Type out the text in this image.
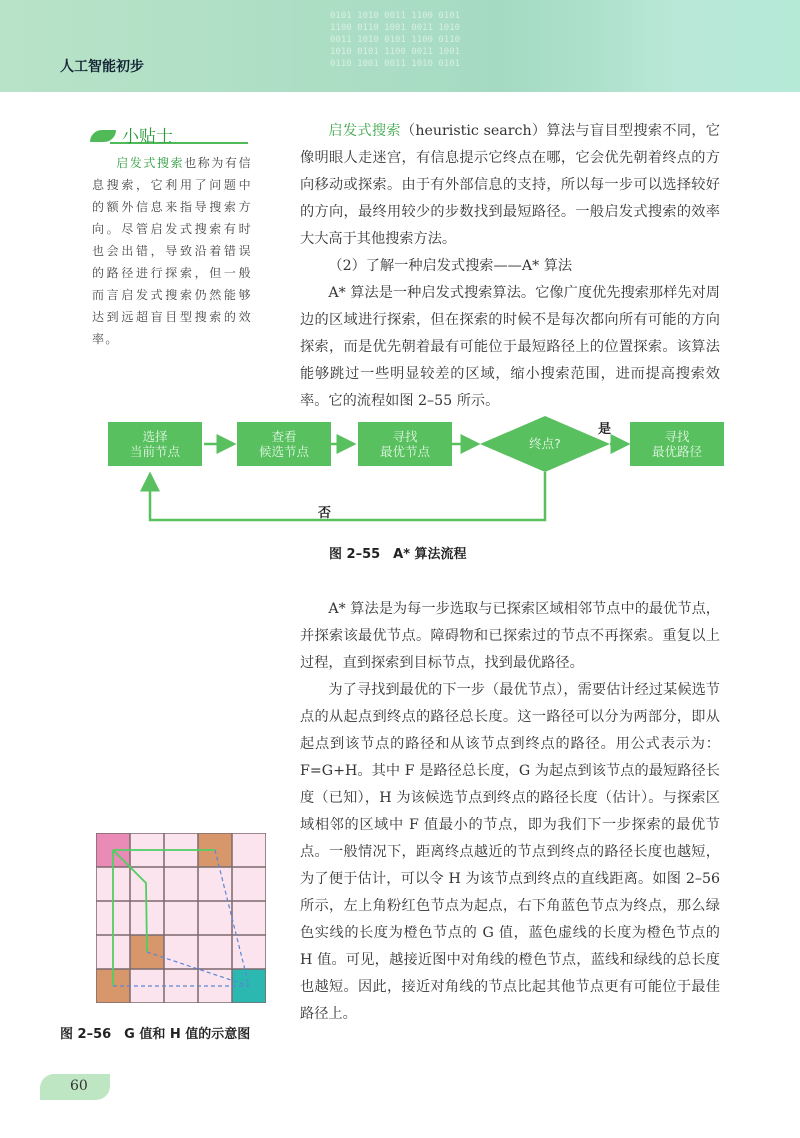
0101 1010 0011 1100 0101
1100 0110 1001 0011 1010
0011 1010 0101 1100 0110
1010 0101 1100 0011 1001
0110 1001 0011 1010 0101
人工智能初步
小贴士
启发式搜索也称为有信息搜索，它利用了问题中的额外信息来指导搜索方向。尽管启发式搜索有时也会出错，导致沿着错误的路径进行探索，但一般而言启发式搜索仍然能够达到远超盲目型搜索的效率。

启发式搜索（heuristic search）算法与盲目型搜索不同，它像明眼人走迷宫，有信息提示它终点在哪，它会优先朝着终点的方向移动或探索。由于有外部信息的支持，所以每一步可以选择较好的方向，最终用较少的步数找到最短路径。一般启发式搜索的效率大大高于其他搜索方法。

（2）了解一种启发式搜索——A* 算法

A* 算法是一种启发式搜索算法。它像广度优先搜索那样先对周边的区域进行探索，但在探索的时候不是每次都向所有可能的方向探索，而是优先朝着最有可能位于最短路径上的位置探索。该算法能够跳过一些明显较差的区域，缩小搜索范围，进而提高搜索效率。它的流程如图 2–55 所示。

选择
当前节点
查看
候选节点
寻找
最优节点
终点?	寻找
最优路径
是
否
图 2–55　A* 算法流程

A* 算法是为每一步选取与已探索区域相邻节点中的最优节点，并探索该最优节点。障碍物和已探索过的节点不再探索。重复以上过程，直到探索到目标节点，找到最优路径。

为了寻找到最优的下一步（最优节点），需要估计经过某候选节点的从起点到终点的路径总长度。这一路径可以分为两部分，即从起点到该节点的路径和从该节点到终点的路径。用公式表示为：F=G+H。其中 F 是路径总长度，G 为起点到该节点的最短路径长度（已知），H 为该候选节点到终点的路径长度（估计）。与探索区域相邻的区域中 F 值最小的节点，即为我们下一步探索的最优节点。一般情况下，距离终点越近的节点到终点的路径长度也越短，为了便于估计，可以令 H 为该节点到终点的直线距离。如图 2–56 所示，左上角粉红色节点为起点，右下角蓝色节点为终点，那么绿色实线的长度为橙色节点的 G 值，蓝色虚线的长度为橙色节点的 H 值。可见，越接近图中对角线的橙色节点，蓝线和绿线的总长度也越短。因此，接近对角线的节点比起其他节点更有可能位于最佳路径上。

图 2–56　G 值和 H 值的示意图
60
